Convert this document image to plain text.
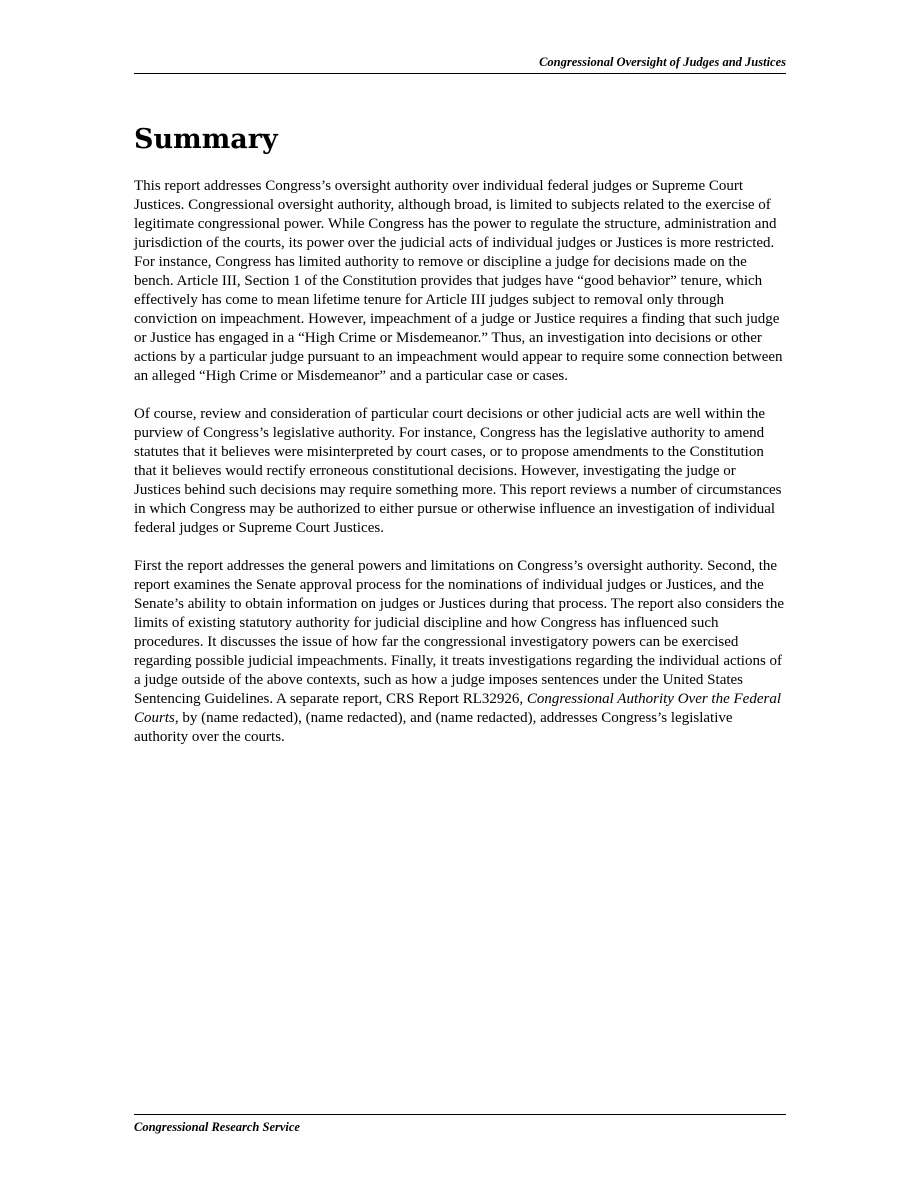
Congressional Oversight of Judges and Justices
Summary

This report addresses Congress’s oversight authority over individual federal judges or Supreme Court Justices. Congressional oversight authority, although broad, is limited to subjects related to the exercise of legitimate congressional power. While Congress has the power to regulate the structure, administration and jurisdiction of the courts, its power over the judicial acts of individual judges or Justices is more restricted. For instance, Congress has limited authority to remove or discipline a judge for decisions made on the bench. Article III, Section 1 of the Constitution provides that judges have “good behavior” tenure, which effectively has come to mean lifetime tenure for Article III judges subject to removal only through conviction on impeachment. However, impeachment of a judge or Justice requires a finding that such judge or Justice has engaged in a “High Crime or Misdemeanor.” Thus, an investigation into decisions or other actions by a particular judge pursuant to an impeachment would appear to require some connection between an alleged “High Crime or Misdemeanor” and a particular case or cases.

Of course, review and consideration of particular court decisions or other judicial acts are well within the purview of Congress’s legislative authority. For instance, Congress has the legislative authority to amend statutes that it believes were misinterpreted by court cases, or to propose amendments to the Constitution that it believes would rectify erroneous constitutional decisions. However, investigating the judge or Justices behind such decisions may require something more. This report reviews a number of circumstances in which Congress may be authorized to either pursue or otherwise influence an investigation of individual federal judges or Supreme Court Justices.

First the report addresses the general powers and limitations on Congress’s oversight authority. Second, the report examines the Senate approval process for the nominations of individual judges or Justices, and the Senate’s ability to obtain information on judges or Justices during that process. The report also considers the limits of existing statutory authority for judicial discipline and how Congress has influenced such procedures. It discusses the issue of how far the congressional investigatory powers can be exercised regarding possible judicial impeachments. Finally, it treats investigations regarding the individual actions of a judge outside of the above contexts, such as how a judge imposes sentences under the United States Sentencing Guidelines. A separate report, CRS Report RL32926, Congressional Authority Over the Federal Courts, by (name redacted), (name redacted), and (name redacted), addresses Congress’s legislative authority over the courts.

Congressional Research Service
